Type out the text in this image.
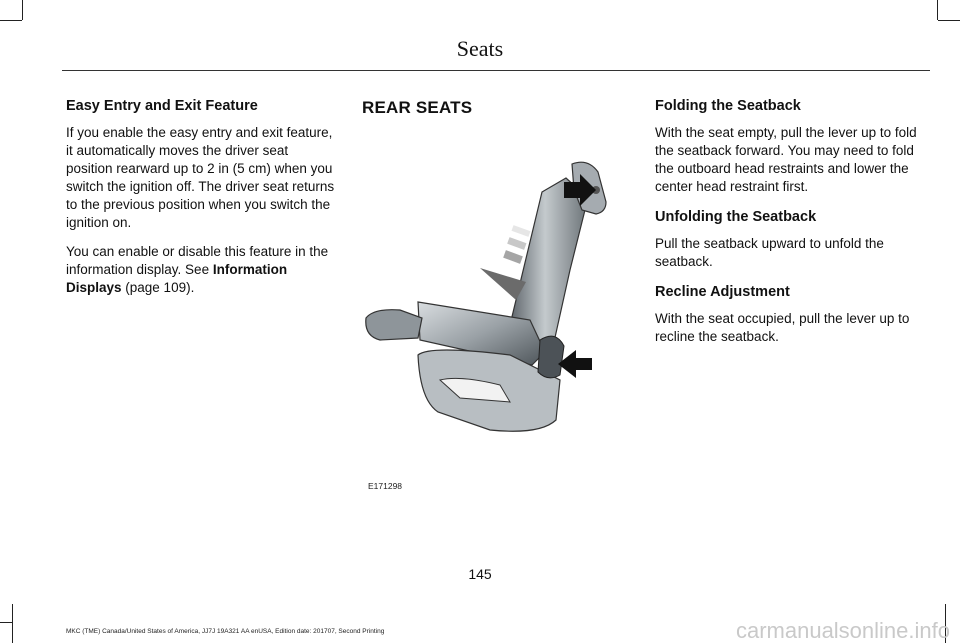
Seats
Easy Entry and Exit Feature

If you enable the easy entry and exit feature, it automatically moves the driver seat position rearward up to 2 in (5 cm) when you switch the ignition off. The driver seat returns to the previous position when you switch the ignition on.

You can enable or disable this feature in the information display. See Information Displays (page 109).

REAR SEATS
E171298
Folding the Seatback

With the seat empty, pull the lever up to fold the seatback forward. You may need to fold the outboard head restraints and lower the center head restraint first.

Unfolding the Seatback

Pull the seatback upward to unfold the seatback.

Recline Adjustment

With the seat occupied, pull the lever up to recline the seatback.

145
MKC (TME) Canada/United States of America, JJ7J 19A321 AA enUSA, Edition date: 201707, Second Printing	carmanualsonline.info
